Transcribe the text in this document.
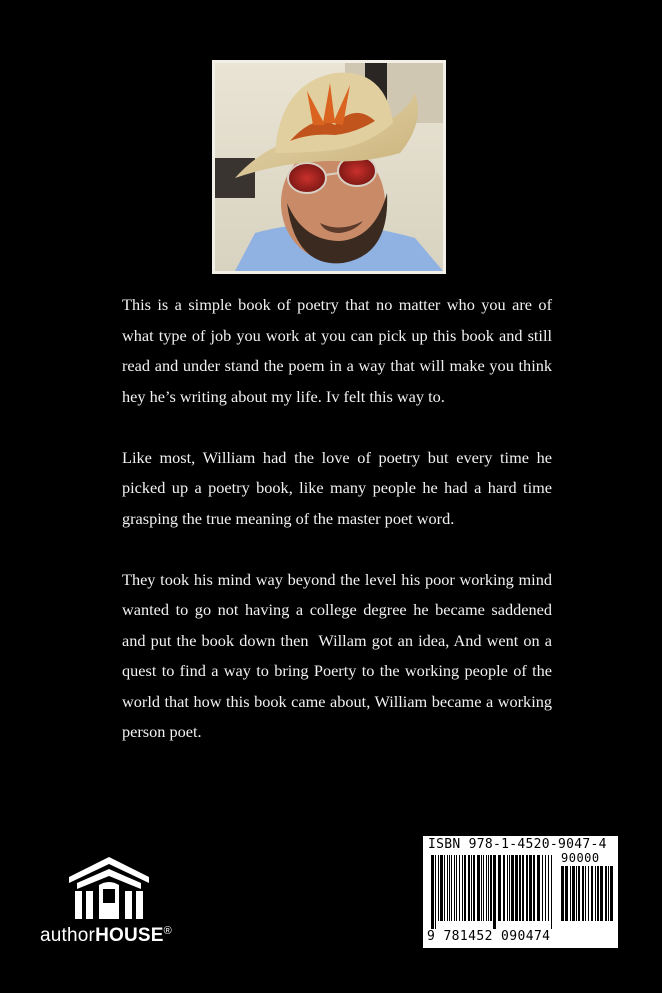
This is a simple book of poetry that no matter who you are of what type of job you work at you can pick up this book and still read and under stand the poem in a way that will make you think  hey he’s writing about my life. Iv felt this way to.

Like most, William had the love of poetry but every time he picked up a poetry book, like many people he had a hard time grasping the true meaning of the master poet word.

They took his mind way beyond the level his poor working mind wanted to go not having a college degree he became saddened and put the book down then  Willam got an idea, And went on a quest to find a way to bring Poerty to the working people of the world that how this book came about, William became a working person poet.

authorHOUSE®
ISBN 978-1-4520-9047-4
90000
9 781452 090474
